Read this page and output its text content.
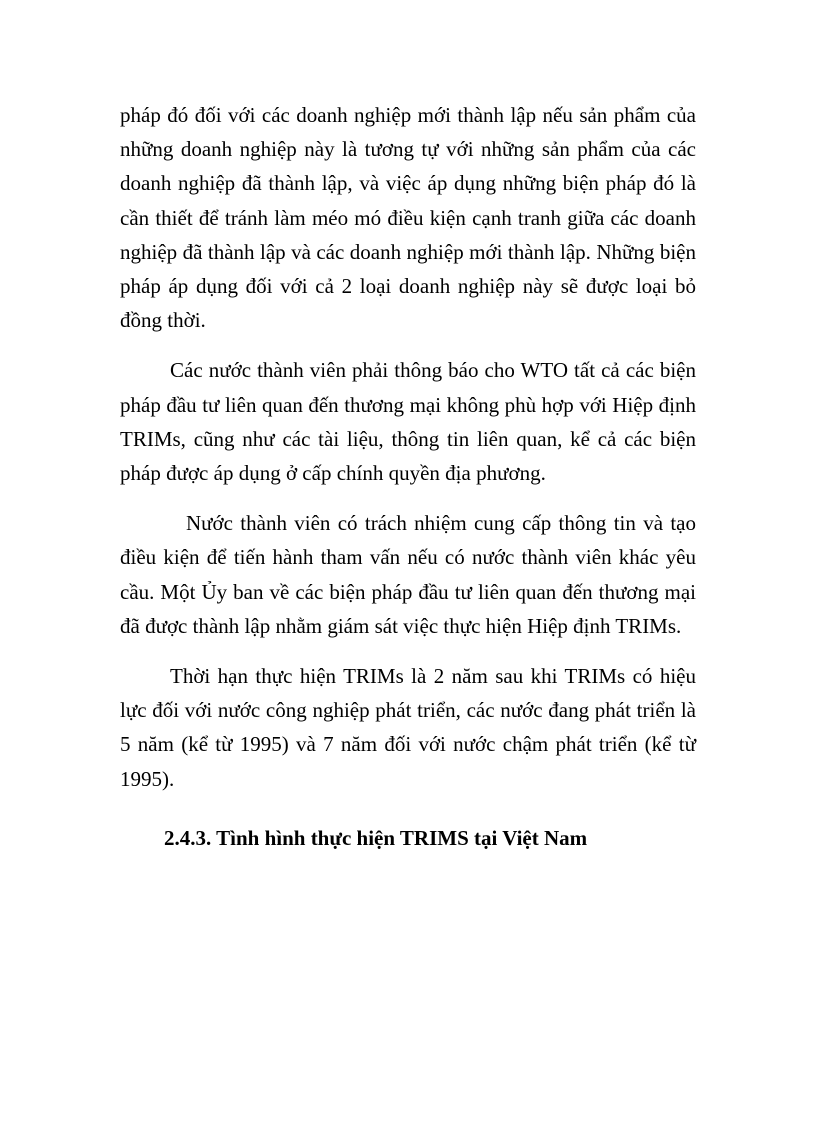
pháp đó đối với các doanh nghiệp mới thành lập nếu sản phẩm của những doanh nghiệp này là tương tự với những sản phẩm của các doanh nghiệp đã thành lập, và việc áp dụng những biện pháp đó là cần thiết để tránh làm méo mó điều kiện cạnh tranh giữa các doanh nghiệp đã thành lập và các doanh nghiệp mới thành lập. Những biện pháp áp dụng đối với cả 2 loại doanh nghiệp này sẽ được loại bỏ đồng thời.

Các nước thành viên phải thông báo cho WTO tất cả các biện pháp đầu tư liên quan đến thương mại không phù hợp với Hiệp định TRIMs, cũng như các tài liệu, thông tin liên quan, kể cả các biện pháp được áp dụng ở cấp chính quyền địa phương.

Nước thành viên có trách nhiệm cung cấp thông tin và tạo điều kiện để tiến hành tham vấn nếu có nước thành viên khác yêu cầu. Một Ủy ban về các biện pháp đầu tư liên quan đến thương mại đã được thành lập nhằm giám sát việc thực hiện Hiệp định TRIMs.

Thời hạn thực hiện TRIMs là 2 năm sau khi TRIMs có hiệu lực đối với nước công nghiệp phát triển, các nước đang phát triển là 5 năm (kể từ 1995) và 7 năm đối với nước chậm phát triển (kể từ 1995).

2.4.3. Tình hình thực hiện TRIMS tại Việt Nam
